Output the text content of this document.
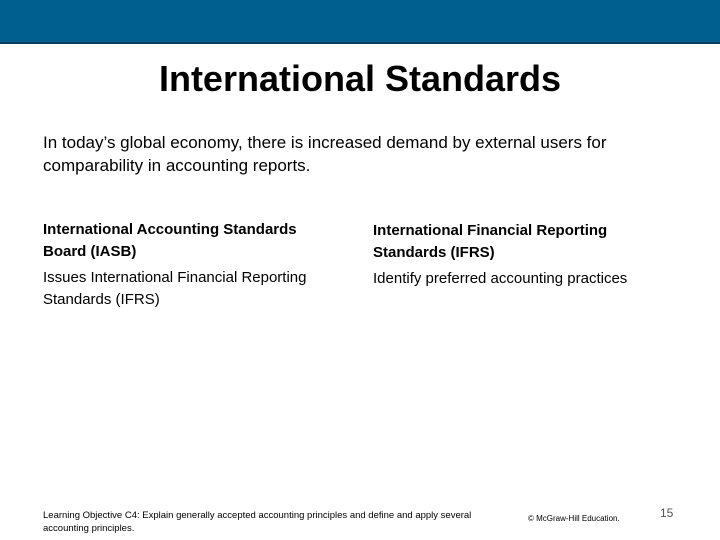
International Standards
In today’s global economy, there is increased demand by external users for comparability in accounting reports.
International Accounting Standards Board (IASB)
Issues International Financial Reporting Standards (IFRS)
International Financial Reporting Standards (IFRS)
Identify preferred accounting practices
Learning Objective C4: Explain generally accepted accounting principles and define and apply several accounting principles.
© McGraw-Hill Education.	15
